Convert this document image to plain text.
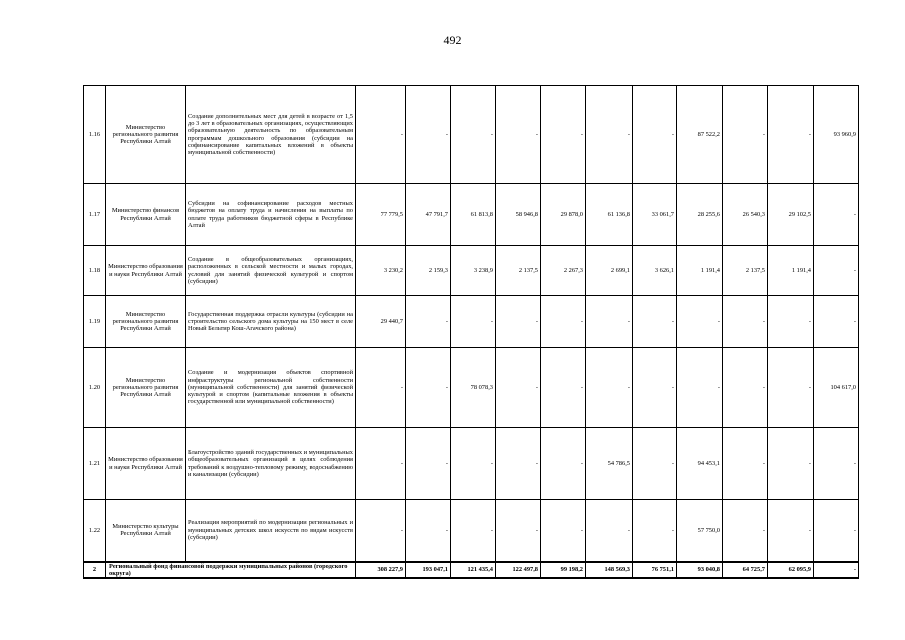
492
1.16	Министерство регионального развития Республики Алтай	Создание дополнительных мест для детей в возрасте от 1,5 до 3 лет в образовательных организациях, осуществляющих образовательную деятельность по образовательным программам дошкольного образования (субсидии на софинансирование капитальных вложений в объекты муниципальной собственности)	-	-	-	-	-	-	-	87 522,2	-	-	93 960,9
1.17	Министерство финансов Республики Алтай	Субсидии на софинансирование расходов местных бюджетов на оплату труда и начисления на выплаты по оплате труда работников бюджетной сферы в Республике Алтай	77 779,5	47 791,7	61 813,8	58 946,8	29 878,0	61 136,8	33 061,7	28 255,6	26 540,3	29 102,5	-
1.18	Министерство образования и науки Республики Алтай	Создание в общеобразовательных организациях, расположенных в сельской местности и малых городах, условий для занятий физической культурой и спортом (субсидии)	3 230,2	2 159,3	3 238,9	2 137,5	2 267,3	2 699,1	3 626,1	1 191,4	2 137,5	1 191,4	-
1.19	Министерство регионального развития Республики Алтай	Государственная поддержка отрасли культуры (субсидии на строительство сельского дома культуры на 150 мест в селе Новый Бельтир Кош-Агачского района)	29 440,7	-	-	-	-	-	-	-	-	-	-
1.20	Министерство регионального развития Республики Алтай	Создание и модернизация объектов спортивной инфраструктуры региональной собственности (муниципальной собственности) для занятий физической культурой и спортом (капитальные вложения в объекты государственной или муниципальной собственности)	-	-	78 078,3	-	-	-	-	-	-	-	104 617,0
1.21	Министерство образования и науки Республики Алтай	Благоустройство зданий государственных и муниципальных общеобразовательных организаций в целях соблюдения требований к воздушно-тепловому режиму, водоснабжению и канализации (субсидии)	-	-	-	-	-	54 786,5	-	94 453,1	-	-	-
1.22	Министерство культуры Республики Алтай	Реализация мероприятий по модернизации региональных и муниципальных детских школ искусств по видам искусств (субсидии)	-	-	-	-	-	-	-	57 750,0	-	-	-
2	Региональный фонд финансовой поддержки муниципальных районов (городского округа)		308 227,9	193 047,1	121 435,4	122 497,8	99 198,2	148 569,3	76 751,1	93 040,8	64 725,7	62 095,9	-
